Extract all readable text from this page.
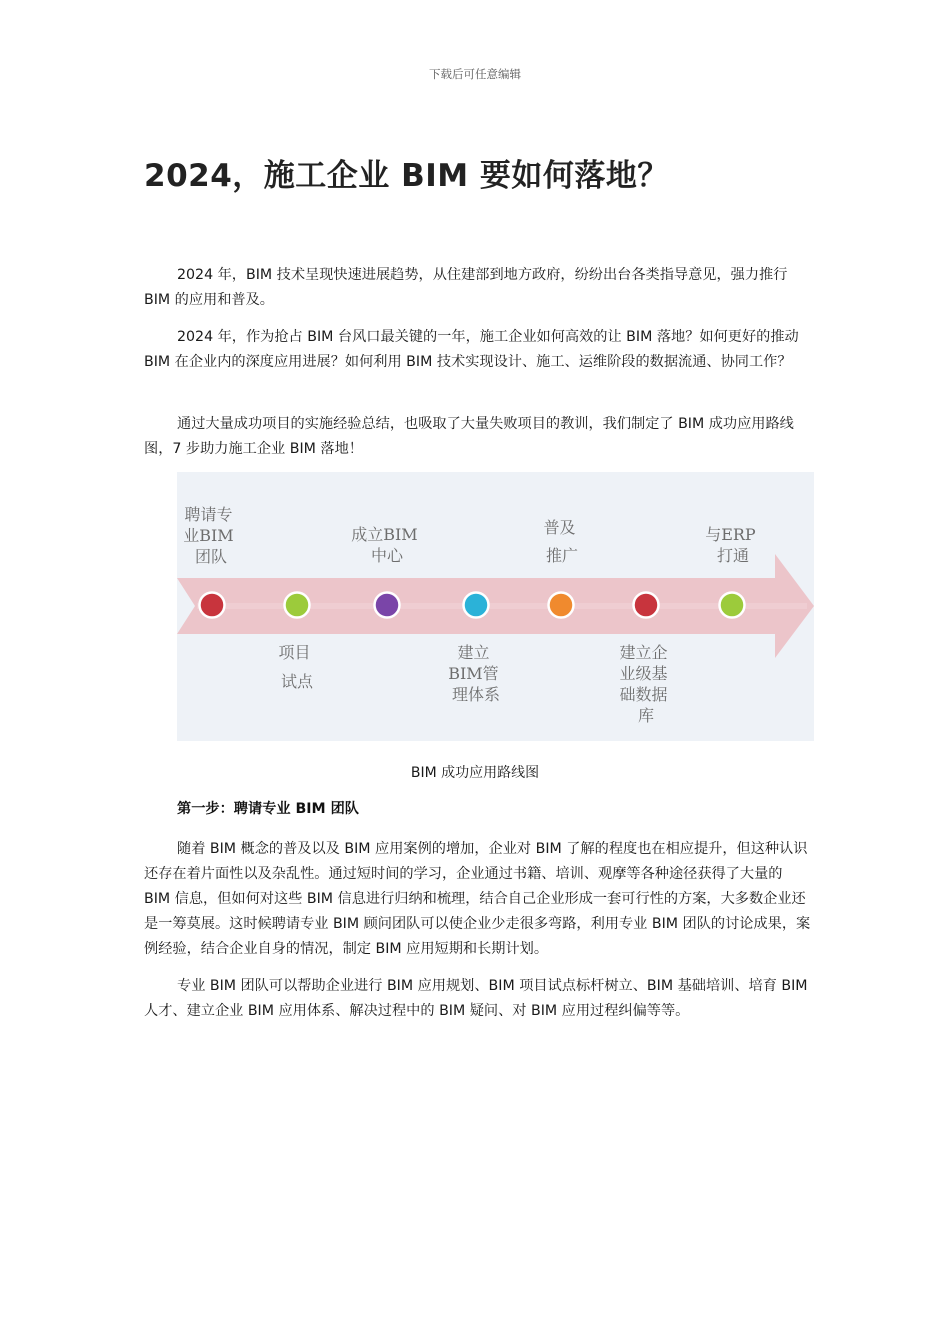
下载后可任意编辑
2024，施工企业 BIM 要如何落地？

2024 年，BIM 技术呈现快速进展趋势，从住建部到地方政府，纷纷出台各类指导意见，强力推行 BIM 的应用和普及。

2024 年，作为抢占 BIM 台风口最关键的一年，施工企业如何高效的让 BIM 落地？如何更好的推动 BIM 在企业内的深度应用进展？如何利用 BIM 技术实现设计、施工、运维阶段的数据流通、协同工作？

通过大量成功项目的实施经验总结，也吸取了大量失败项目的教训，我们制定了 BIM 成功应用路线图，7 步助力施工企业 BIM 落地！

聘请专 业BIM 团队
成立BIM 中心
普及 推广
与ERP 打通
项目 试点
建立 BIM管 理体系
建立企 业级基 础数据 库
BIM 成功应用路线图
第一步：聘请专业 BIM 团队

随着 BIM 概念的普及以及 BIM 应用案例的增加，企业对 BIM 了解的程度也在相应提升，但这种认识还存在着片面性以及杂乱性。通过短时间的学习，企业通过书籍、培训、观摩等各种途径获得了大量的 BIM 信息，但如何对这些 BIM 信息进行归纳和梳理，结合自己企业形成一套可行性的方案，大多数企业还是一筹莫展。这时候聘请专业 BIM 顾问团队可以使企业少走很多弯路，利用专业 BIM 团队的讨论成果，案例经验，结合企业自身的情况，制定 BIM 应用短期和长期计划。

专业 BIM 团队可以帮助企业进行 BIM 应用规划、BIM 项目试点标杆树立、BIM 基础培训、培育 BIM 人才、建立企业 BIM 应用体系、解决过程中的 BIM 疑问、对 BIM 应用过程纠偏等等。
